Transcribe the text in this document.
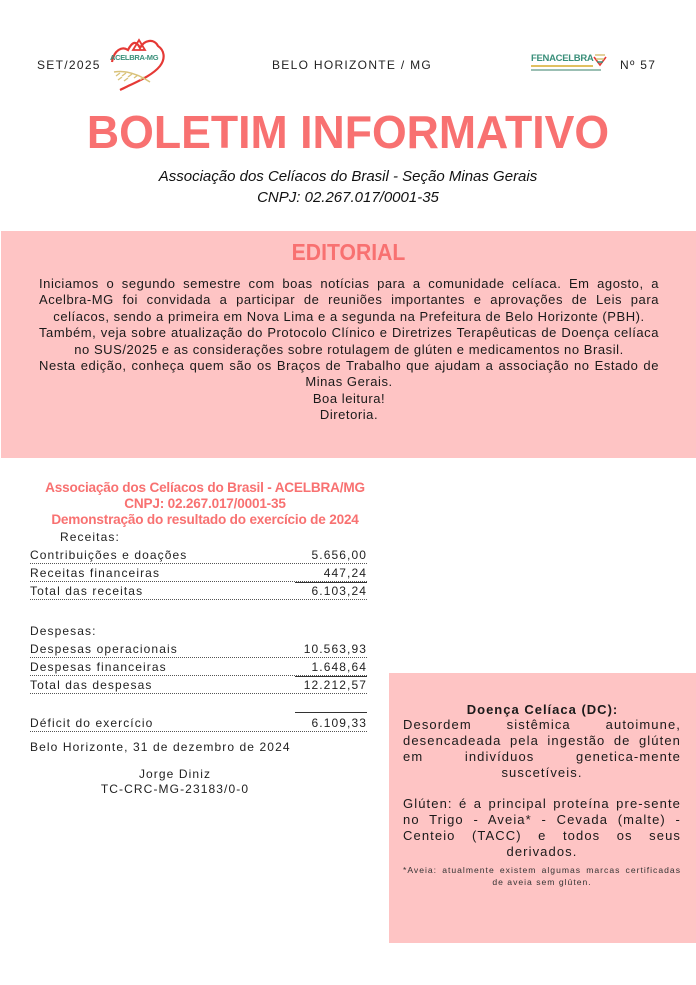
SET/2025
ACELBRA-MG
BELO HORIZONTE / MG	FENACELBRA Nº 57
BOLETIM INFORMATIVO
Associação dos Celíacos do Brasil - Seção Minas Gerais
CNPJ: 02.267.017/0001-35
EDITORIAL

Iniciamos o segundo semestre com boas notícias para a comunidade celíaca. Em agosto, a Acelbra-MG foi convidada a participar de reuniões importantes e aprovações de Leis para celíacos, sendo a primeira em Nova Lima e a segunda na Prefeitura de Belo Horizonte (PBH).

Também, veja sobre atualização do Protocolo Clínico e Diretrizes Terapêuticas de Doença celíaca no SUS/2025 e as considerações sobre rotulagem de glúten e medicamentos no Brasil.

Nesta edição, conheça quem são os Braços de Trabalho que ajudam a associação no Estado de Minas Gerais.

Boa leitura!

Diretoria.

Associação dos Celíacos do Brasil - ACELBRA/MG
CNPJ: 02.267.017/0001-35
Demonstração do resultado do exercício de 2024
Receitas:
Contribuições e doações	5.656,00
Receitas financeiras	447,24
Total das receitas	6.103,24
Despesas:
Despesas operacionais	10.563,93
Despesas financeiras	1.648,64
Total das despesas	12.212,57
Déficit do exercício	6.109,33
Belo Horizonte, 31 de dezembro de 2024
Jorge Diniz
TC-CRC-MG-23183/0-0
Doença Celíaca (DC):
Desordem sistêmica autoimune, desencadeada pela ingestão de glúten em indivíduos genetica-mente suscetíveis.
Glúten: é a principal proteína pre-sente no Trigo - Aveia* - Cevada (malte) - Centeio (TACC) e todos os seus derivados.
*Aveia: atualmente existem algumas marcas certificadas de aveia sem glúten.
